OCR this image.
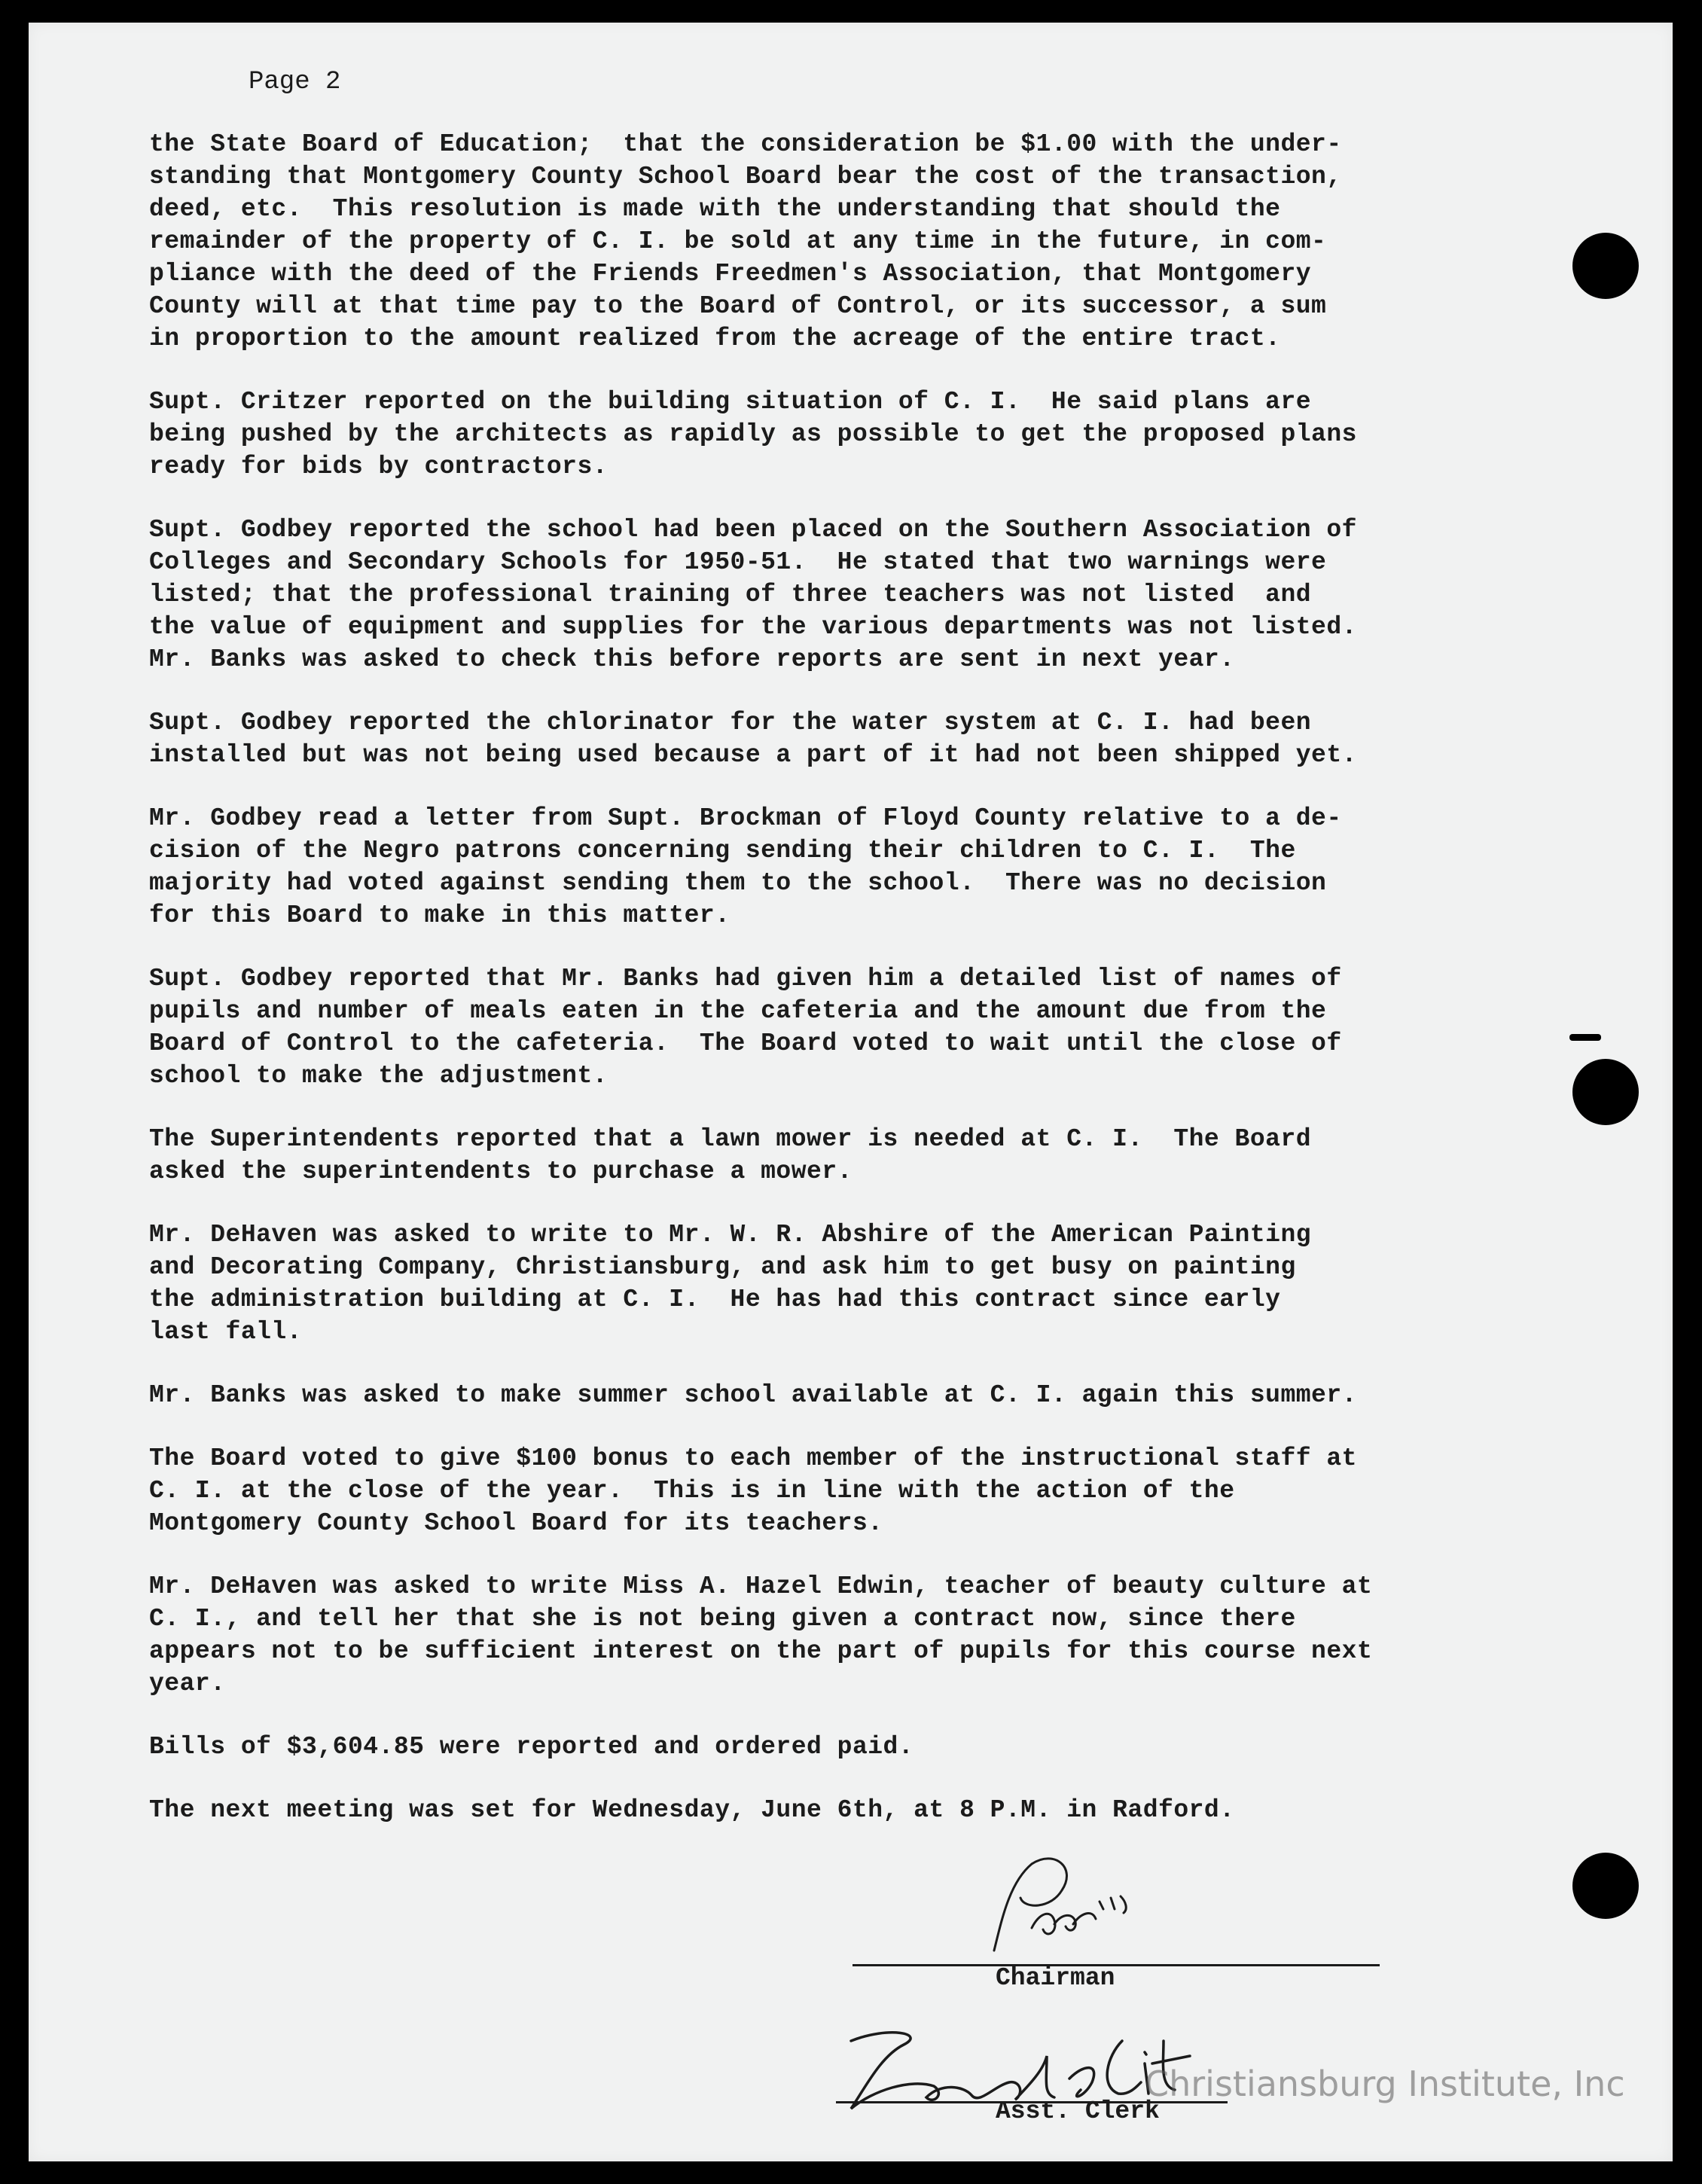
Page 2
the State Board of Education;  that the consideration be $1.00 with the under-
standing that Montgomery County School Board bear the cost of the transaction,
deed, etc.  This resolution is made with the understanding that should the
remainder of the property of C. I. be sold at any time in the future, in com-
pliance with the deed of the Friends Freedmen's Association, that Montgomery
County will at that time pay to the Board of Control, or its successor, a sum
in proportion to the amount realized from the acreage of the entire tract.
Supt. Critzer reported on the building situation of C. I.  He said plans are
being pushed by the architects as rapidly as possible to get the proposed plans
ready for bids by contractors.
Supt. Godbey reported the school had been placed on the Southern Association of
Colleges and Secondary Schools for 1950-51.  He stated that two warnings were
listed; that the professional training of three teachers was not listed  and
the value of equipment and supplies for the various departments was not listed.
Mr. Banks was asked to check this before reports are sent in next year.
Supt. Godbey reported the chlorinator for the water system at C. I. had been
installed but was not being used because a part of it had not been shipped yet.
Mr. Godbey read a letter from Supt. Brockman of Floyd County relative to a de-
cision of the Negro patrons concerning sending their children to C. I.  The
majority had voted against sending them to the school.  There was no decision
for this Board to make in this matter.
Supt. Godbey reported that Mr. Banks had given him a detailed list of names of
pupils and number of meals eaten in the cafeteria and the amount due from the
Board of Control to the cafeteria.  The Board voted to wait until the close of
school to make the adjustment.
The Superintendents reported that a lawn mower is needed at C. I.  The Board
asked the superintendents to purchase a mower.
Mr. DeHaven was asked to write to Mr. W. R. Abshire of the American Painting
and Decorating Company, Christiansburg, and ask him to get busy on painting
the administration building at C. I.  He has had this contract since early
last fall.
Mr. Banks was asked to make summer school available at C. I. again this summer.
The Board voted to give $100 bonus to each member of the instructional staff at
C. I. at the close of the year.  This is in line with the action of the
Montgomery County School Board for its teachers.
Mr. DeHaven was asked to write Miss A. Hazel Edwin, teacher of beauty culture at
C. I., and tell her that she is not being given a contract now, since there
appears not to be sufficient interest on the part of pupils for this course next
year.
Bills of $3,604.85 were reported and ordered paid.
The next meeting was set for Wednesday, June 6th, at 8 P.M. in Radford.
Chairman
Asst. Clerk
Christiansburg Institute, Inc
